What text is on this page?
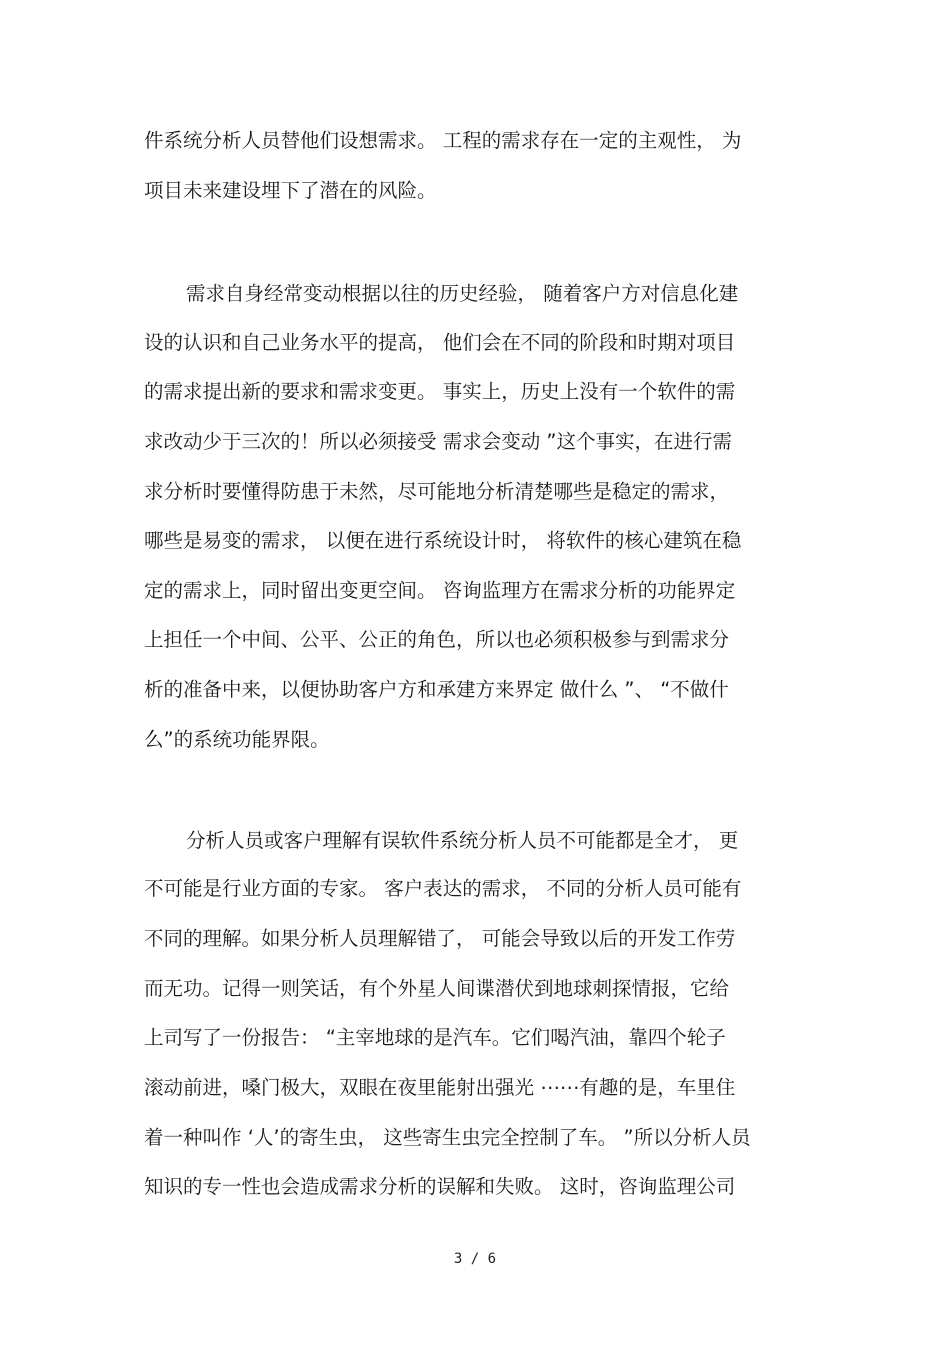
件系统分析人员替他们设想需求。 工程的需求存在一定的主观性， 为
项目未来建设埋下了潜在的风险。
需求自身经常变动根据以往的历史经验， 随着客户方对信息化建
设的认识和自己业务水平的提高， 他们会在不同的阶段和时期对项目
的需求提出新的要求和需求变更。 事实上，历史上没有一个软件的需
求改动少于三次的！所以必须接受 需求会变动 ”这个事实，在进行需
求分析时要懂得防患于未然，尽可能地分析清楚哪些是稳定的需求，
哪些是易变的需求， 以便在进行系统设计时， 将软件的核心建筑在稳
定的需求上，同时留出变更空间。 咨询监理方在需求分析的功能界定
上担任一个中间、公平、公正的角色，所以也必须积极参与到需求分
析的准备中来，以便协助客户方和承建方来界定 做什么 ”、 “不做什
么”的系统功能界限。
分析人员或客户理解有误软件系统分析人员不可能都是全才， 更
不可能是行业方面的专家。 客户表达的需求， 不同的分析人员可能有
不同的理解。如果分析人员理解错了， 可能会导致以后的开发工作劳
而无功。记得一则笑话，有个外星人间谍潜伏到地球刺探情报，它给
上司写了一份报告： “主宰地球的是汽车。它们喝汽油，靠四个轮子
滚动前进，嗓门极大，双眼在夜里能射出强光 ⋯⋯有趣的是，车里住
着一种叫作 ‘人’的寄生虫， 这些寄生虫完全控制了车。 ”所以分析人员
知识的专一性也会造成需求分析的误解和失败。 这时，咨询监理公司
3 / 6
